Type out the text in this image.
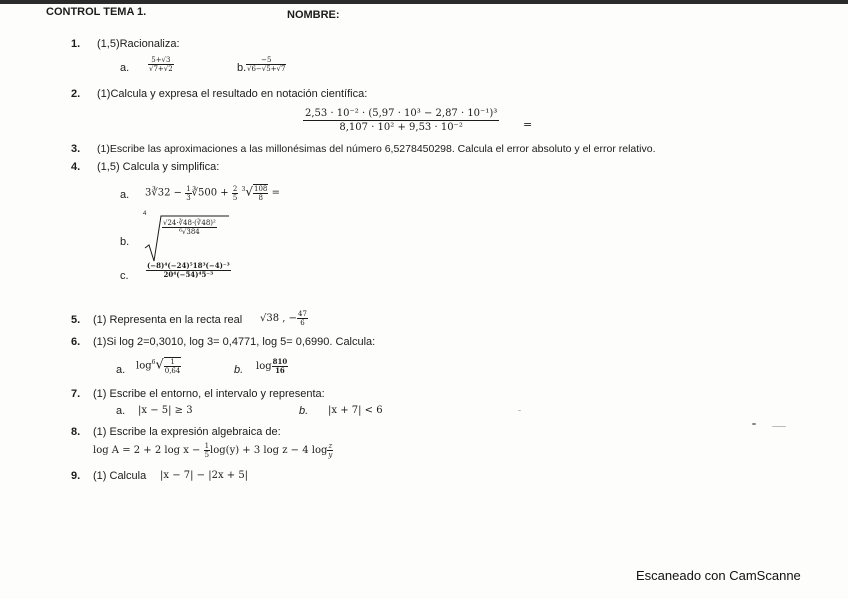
CONTROL TEMA 1.	NOMBRE:
1. (1,5)Racionaliza:
a.	$\frac{5+√3}{√7+√2}$	b. $\frac{-5}{√6-√5+√7}$
2. (1)Calcula y expresa el resultado en notación científica:
$\frac{\text{2,53 · 10⁻² · (5,97 · 10³ − 2,87 · 10⁻¹)³}}{\text{8,107 · 10² + 9,53 · 10⁻²}}$ =
3. (1)Escribe las aproximaciones a las millonésimas del número 6,5278450298. Calcula el error absoluto y el error relativo.
4. (1,5) Calcula y simplifica:
a. 3∛32 − $\frac{1}{3}$ ∛500 + $\frac{2}{5} ^3√ \frac{108}{8}$ =
b.
4
$\frac{\text{√24·∛48·(∛48)²}}{\text{⁶√384}}$
c. $\frac{\text{(−8)⁴(−24)⁵18³(−4)⁻³}}{\text{20⁴(−54)⁴5⁻³}}$
5. (1) Representa en la recta real √38 , − $\frac{47}{6}$
6. (1)Si log 2=0,3010, log 3= 0,4771, log 5= 0,6990. Calcula:
a. $\log^6√ \frac{1}{0,64}$	b. $\log \frac{810}{16}$
7. (1) Escribe el entorno, el intervalo y representa:
a. |x − 5| ≥ 3	b. |x + 7| < 6
8. (1) Escribe la expresión algebraica de:
log A = 2 + 2 $\log x - \frac{1}{5} \log(y) + 3$ log z − 4 $\log \frac{z}{y}$
9. (1) Calcula |x − 7| − |2x + 5|
Escaneado con CamScanne
